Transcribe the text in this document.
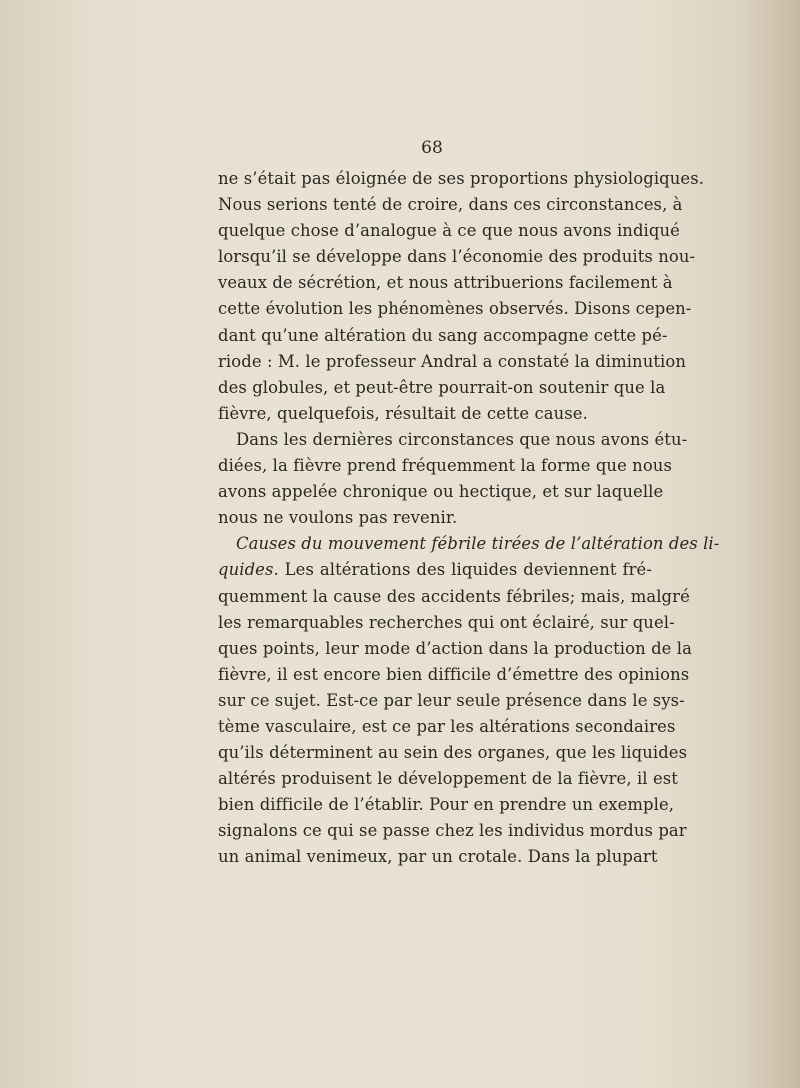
68
ne s’était pas éloignée de ses proportions physiologiques.
Nous serions tenté de croire, dans ces circonstances, à
quelque chose d’analogue à ce que nous avons indiqué
lorsqu’il se développe dans l’économie des produits nou-
veaux de sécrétion, et nous attribuerions facilement à
cette évolution les phénomènes observés. Disons cepen-
dant qu’une altération du sang accompagne cette pé-
riode : M. le professeur Andral a constaté la diminution
des globules, et peut-être pourrait-on soutenir que la
fièvre, quelquefois, résultait de cette cause.
Dans les dernières circonstances que nous avons étu-
diées, la fièvre prend fréquemment la forme que nous
avons appelée chronique ou hectique, et sur laquelle
nous ne voulons pas revenir.
Causes du mouvement fébrile tirées de l’altération des li-
quides. Les altérations des liquides deviennent fré-
quemment la cause des accidents fébriles; mais, malgré
les remarquables recherches qui ont éclairé, sur quel-
ques points, leur mode d’action dans la production de la
fièvre, il est encore bien difficile d’émettre des opinions
sur ce sujet. Est-ce par leur seule présence dans le sys-
tème vasculaire, est ce par les altérations secondaires
qu’ils déterminent au sein des organes, que les liquides
altérés produisent le développement de la fièvre, il est
bien difficile de l’établir. Pour en prendre un exemple,
signalons ce qui se passe chez les individus mordus par
un animal venimeux, par un crotale. Dans la plupart
